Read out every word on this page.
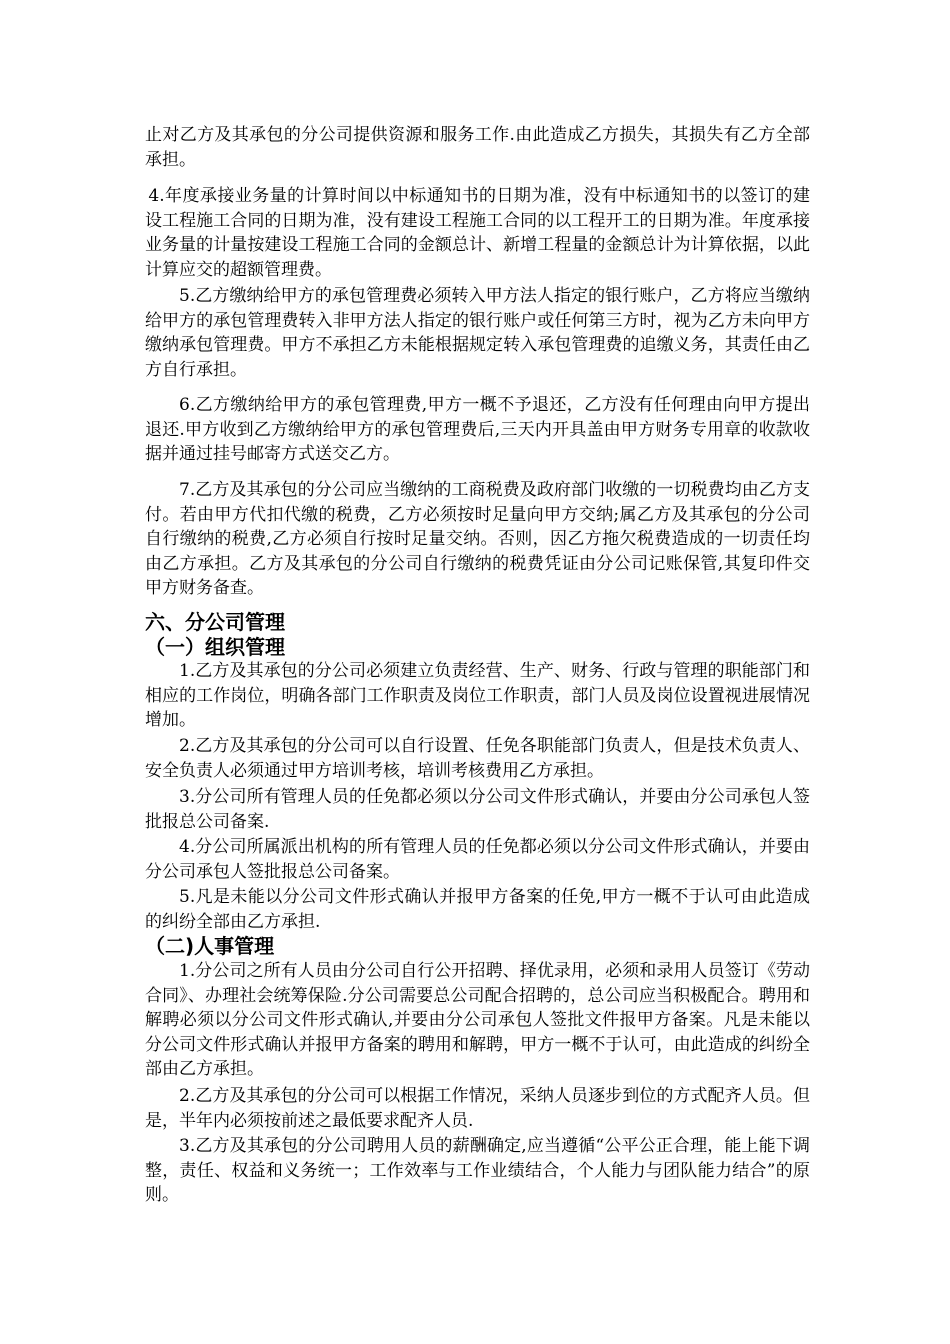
止对乙方及其承包的分公司提供资源和服务工作.由此造成乙方损失，其损失有乙方全部承担。

4.年度承接业务量的计算时间以中标通知书的日期为准，没有中标通知书的以签订的建设工程施工合同的日期为准，没有建设工程施工合同的以工程开工的日期为准。年度承接业务量的计量按建设工程施工合同的金额总计、新增工程量的金额总计为计算依据，以此计算应交的超额管理费。

5.乙方缴纳给甲方的承包管理费必须转入甲方法人指定的银行账户，乙方将应当缴纳给甲方的承包管理费转入非甲方法人指定的银行账户或任何第三方时，视为乙方未向甲方缴纳承包管理费。甲方不承担乙方未能根据规定转入承包管理费的追缴义务，其责任由乙方自行承担。

6.乙方缴纳给甲方的承包管理费,甲方一概不予退还，乙方没有任何理由向甲方提出退还.甲方收到乙方缴纳给甲方的承包管理费后,三天内开具盖由甲方财务专用章的收款收据并通过挂号邮寄方式送交乙方。

7.乙方及其承包的分公司应当缴纳的工商税费及政府部门收缴的一切税费均由乙方支付。若由甲方代扣代缴的税费，乙方必须按时足量向甲方交纳;属乙方及其承包的分公司自行缴纳的税费,乙方必须自行按时足量交纳。否则，因乙方拖欠税费造成的一切责任均由乙方承担。乙方及其承包的分公司自行缴纳的税费凭证由分公司记账保管,其复印件交甲方财务备查。

六、分公司管理
（一）组织管理

1.乙方及其承包的分公司必须建立负责经营、生产、财务、行政与管理的职能部门和相应的工作岗位，明确各部门工作职责及岗位工作职责，部门人员及岗位设置视进展情况增加。

2.乙方及其承包的分公司可以自行设置、任免各职能部门负责人，但是技术负责人、安全负责人必须通过甲方培训考核，培训考核费用乙方承担。

3.分公司所有管理人员的任免都必须以分公司文件形式确认，并要由分公司承包人签批报总公司备案.

4.分公司所属派出机构的所有管理人员的任免都必须以分公司文件形式确认，并要由分公司承包人签批报总公司备案。

5.凡是未能以分公司文件形式确认并报甲方备案的任免,甲方一概不于认可由此造成的纠纷全部由乙方承担.

（二)人事管理

1.分公司之所有人员由分公司自行公开招聘、择优录用，必须和录用人员签订《劳动合同》、办理社会统筹保险.分公司需要总公司配合招聘的，总公司应当积极配合。聘用和解聘必须以分公司文件形式确认,并要由分公司承包人签批文件报甲方备案。凡是未能以分公司文件形式确认并报甲方备案的聘用和解聘，甲方一概不于认可，由此造成的纠纷全部由乙方承担。

2.乙方及其承包的分公司可以根据工作情况，采纳人员逐步到位的方式配齐人员。但是，半年内必须按前述之最低要求配齐人员.

3.乙方及其承包的分公司聘用人员的薪酬确定,应当遵循“公平公正合理，能上能下调整，责任、权益和义务统一；工作效率与工作业绩结合，个人能力与团队能力结合”的原则。
